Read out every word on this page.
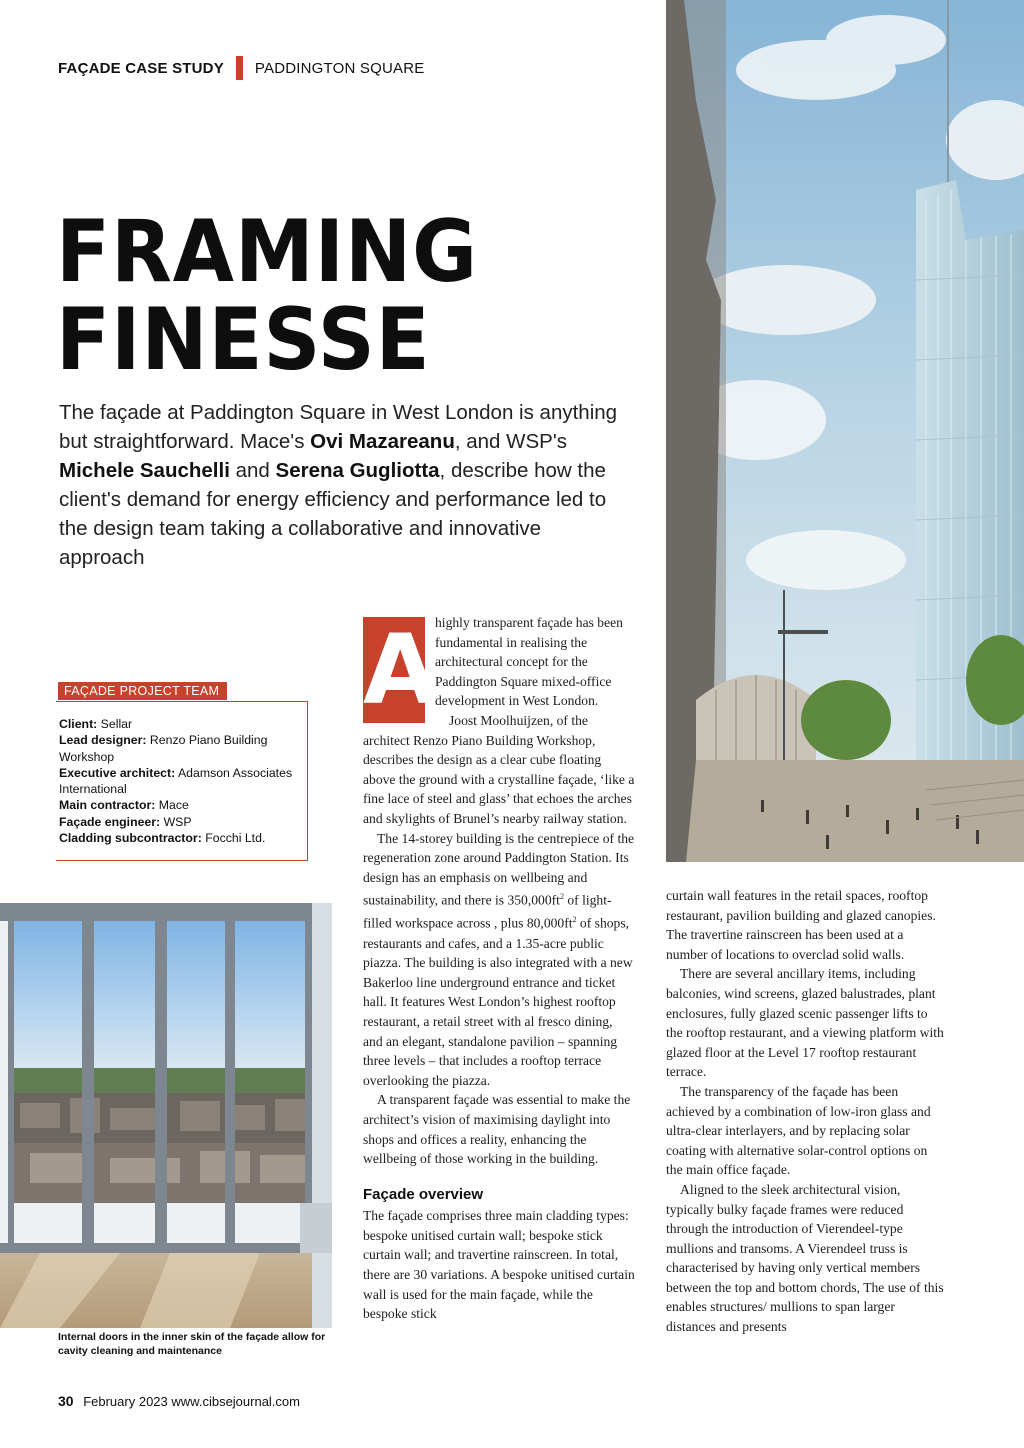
FAÇADE CASE STUDY PADDINGTON SQUARE
FRAMING
FINESSE
The façade at Paddington Square in West London is anything but straightforward. Mace's Ovi Mazareanu, and WSP's Michele Sauchelli and Serena Gugliotta, describe how the client's demand for energy efficiency and performance led to the design team taking a collaborative and innovative approach
FAÇADE PROJECT TEAM
Client: Sellar
Lead designer: Renzo Piano Building Workshop
Executive architect: Adamson Associates International
Main contractor: Mace
Façade engineer: WSP
Cladding subcontractor: Focchi Ltd.
Internal doors in the inner skin of the façade allow for cavity cleaning and maintenance
A

highly transparent façade has been fundamental in realising the architectural concept for the Paddington Square mixed-office development in West London.

Joost Moolhuijzen, of the architect Renzo Piano Building Workshop, describes the design as a clear cube floating above the ground with a crystalline façade, ‘like a fine lace of steel and glass’ that echoes the arches and skylights of Brunel’s nearby railway station.

The 14-storey building is the centrepiece of the regeneration zone around Paddington Station. Its design has an emphasis on wellbeing and sustainability, and there is $350,000ft^2$ of light-filled workspace across , plus $80,000ft^2$ of shops, restaurants and cafes, and a 1.35-acre public piazza. The building is also integrated with a new Bakerloo line underground entrance and ticket hall. It features West London’s highest rooftop restaurant, a retail street with al fresco dining, and an elegant, standalone pavilion – spanning three levels – that includes a rooftop terrace overlooking the piazza.

A transparent façade was essential to make the architect’s vision of maximising daylight into shops and offices a reality, enhancing the wellbeing of those working in the building.

Façade overview

The façade comprises three main cladding types: bespoke unitised curtain wall; bespoke stick curtain wall; and travertine rainscreen. In total, there are 30 variations. A bespoke unitised curtain wall is used for the main façade, while the bespoke stick

curtain wall features in the retail spaces, rooftop restaurant, pavilion building and glazed canopies. The travertine rainscreen has been used at a number of locations to overclad solid walls.

There are several ancillary items, including balconies, wind screens, glazed balustrades, plant enclosures, fully glazed scenic passenger lifts to the rooftop restaurant, and a viewing platform with glazed floor at the Level 17 rooftop restaurant terrace.

The transparency of the façade has been achieved by a combination of low-iron glass and ultra-clear interlayers, and by replacing solar coating with alternative solar-control options on the main office façade.

Aligned to the sleek architectural vision, typically bulky façade frames were reduced through the introduction of Vierendeel-type mullions and transoms. A Vierendeel truss is characterised by having only vertical members between the top and bottom chords, The use of this enables structures/ mullions to span larger distances and presents

30 February 2023 www.cibsejournal.com
